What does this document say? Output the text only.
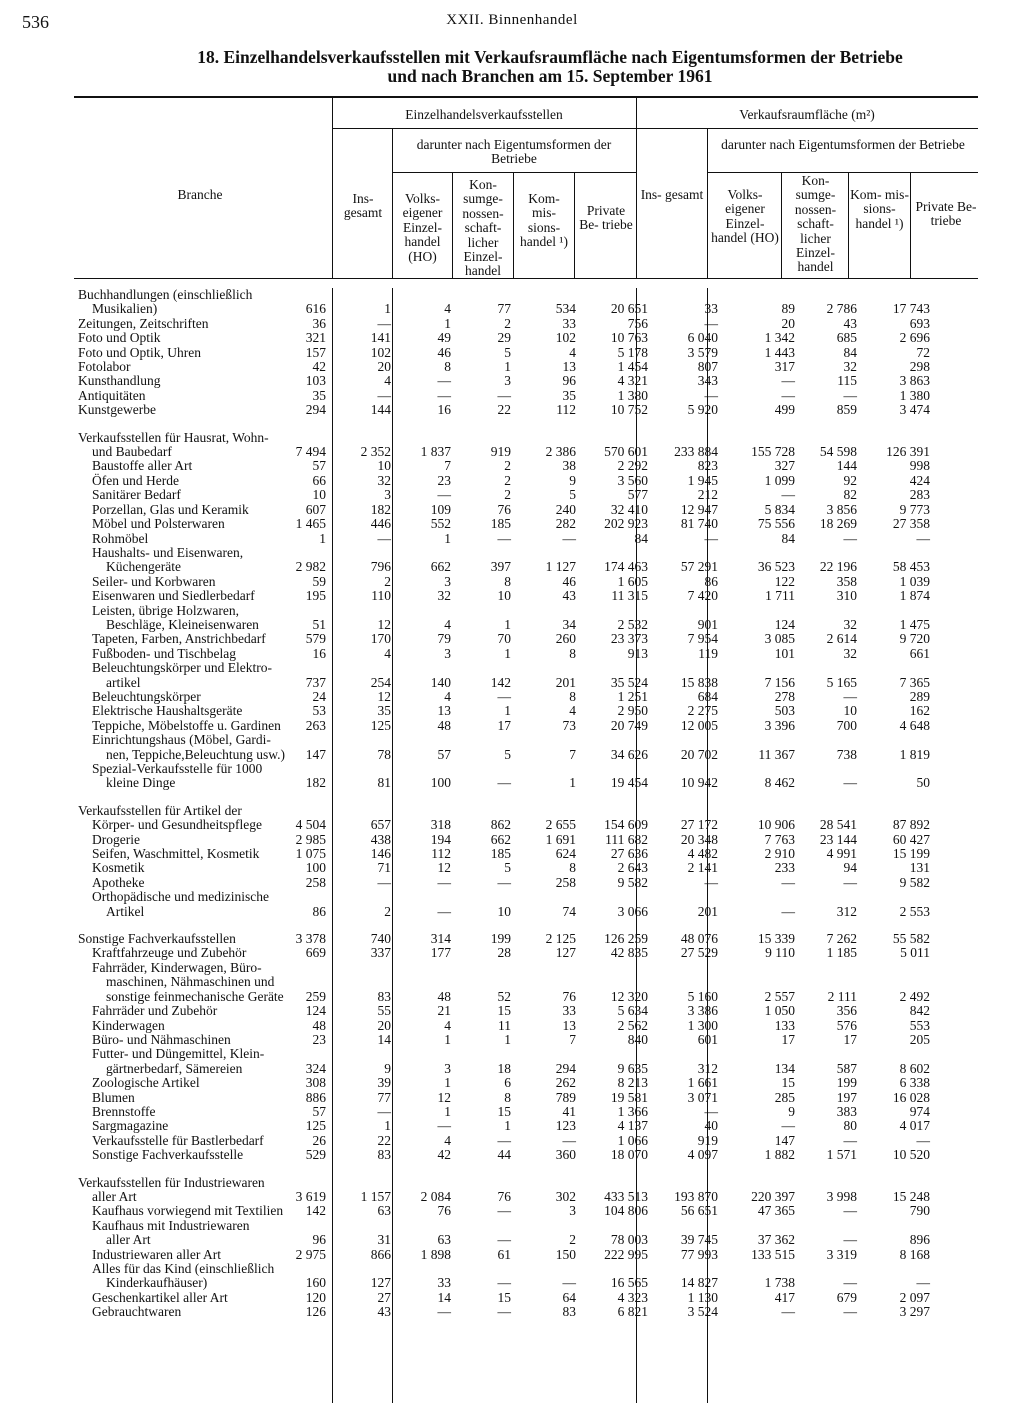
536	XXII. Binnenhandel
18. Einzelhandelsverkaufsstellen mit Verkaufsraumfläche nach Eigentumsformen der Betriebe
und nach Branchen am 15. September 1961
Branche
Einzelhandelsverkaufsstellen	Verkaufsraumfläche (m²)
darunter nach Eigentumsformen der Betriebe
darunter nach Eigentumsformen der Betriebe
Ins- gesamt
Volks- eigener Einzel- handel (HO)
Kon- sumge- nossen- schaft- licher Einzel- handel
Kom- mis- sions- handel ¹)
Private Be- triebe
Ins- gesamt	Volks- eigener Einzel- handel (HO)
Kon- sumge- nossen- schaft- licher Einzel- handel
Kom- mis- sions- handel ¹)
Private Be- triebe
Buchhandlungen (einschließlich
Musikalien)	616	1	4	77	534	20 651	33	89	2 786	17 743
Zeitungen, Zeitschriften	36	—	1	2	33	756	—	20	43	693
Foto und Optik	321	141	49	29	102	10 763	6 040	1 342	685	2 696
Foto und Optik, Uhren	157	102	46	5	4	5 178	3 579	1 443	84	72
Fotolabor	42	20	8	1	13	1 454	807	317	32	298
Kunsthandlung	103	4	—	3	96	4 321	343	—	115	3 863
Antiquitäten	35	—	—	—	35	1 380	—	—	—	1 380
Kunstgewerbe	294	144	16	22	112	10 752	5 920	499	859	3 474
Verkaufsstellen für Hausrat, Wohn-
und Baubedarf	7 494	2 352	1 837	919	2 386	570 601	233 884	155 728	54 598	126 391
Baustoffe aller Art	57	10	7	2	38	2 292	823	327	144	998
Öfen und Herde	66	32	23	2	9	3 560	1 945	1 099	92	424
Sanitärer Bedarf	10	3	—	2	5	577	212	—	82	283
Porzellan, Glas und Keramik	607	182	109	76	240	32 410	12 947	5 834	3 856	9 773
Möbel und Polsterwaren	1 465	446	552	185	282	202 923	81 740	75 556	18 269	27 358
Rohmöbel	1	—	1	—	—	84	—	84	—	—
Haushalts- und Eisenwaren,
Küchengeräte	2 982	796	662	397	1 127	174 463	57 291	36 523	22 196	58 453
Seiler- und Korbwaren	59	2	3	8	46	1 605	86	122	358	1 039
Eisenwaren und Siedlerbedarf	195	110	32	10	43	11 315	7 420	1 711	310	1 874
Leisten, übrige Holzwaren,
Beschläge, Kleineisenwaren	51	12	4	1	34	2 532	901	124	32	1 475
Tapeten, Farben, Anstrichbedarf	579	170	79	70	260	23 373	7 954	3 085	2 614	9 720
Fußboden- und Tischbelag	16	4	3	1	8	913	119	101	32	661
Beleuchtungskörper und Elektro-
artikel	737	254	140	142	201	35 524	15 838	7 156	5 165	7 365
Beleuchtungskörper	24	12	4	—	8	1 251	684	278	—	289
Elektrische Haushaltsgeräte	53	35	13	1	4	2 950	2 275	503	10	162
Teppiche, Möbelstoffe u. Gardinen	263	125	48	17	73	20 749	12 005	3 396	700	4 648
Einrichtungshaus (Möbel, Gardi-
nen, Teppiche,Beleuchtung usw.)	147	78	57	5	7	34 626	20 702	11 367	738	1 819
Spezial-Verkaufsstelle für 1000
kleine Dinge	182	81	100	—	1	19 454	10 942	8 462	—	50
Verkaufsstellen für Artikel der
Körper- und Gesundheitspflege	4 504	657	318	862	2 655	154 609	27 172	10 906	28 541	87 892
Drogerie	2 985	438	194	662	1 691	111 682	20 348	7 763	23 144	60 427
Seifen, Waschmittel, Kosmetik	1 075	146	112	185	624	27 636	4 482	2 910	4 991	15 199
Kosmetik	100	71	12	5	8	2 643	2 141	233	94	131
Apotheke	258	—	—	—	258	9 582	—	—	—	9 582
Orthopädische und medizinische
Artikel	86	2	—	10	74	3 066	201	—	312	2 553
Sonstige Fachverkaufsstellen	3 378	740	314	199	2 125	126 259	48 076	15 339	7 262	55 582
Kraftfahrzeuge und Zubehör	669	337	177	28	127	42 835	27 529	9 110	1 185	5 011
Fahrräder, Kinderwagen, Büro-
maschinen, Nähmaschinen und
sonstige feinmechanische Geräte	259	83	48	52	76	12 320	5 160	2 557	2 111	2 492
Fahrräder und Zubehör	124	55	21	15	33	5 634	3 386	1 050	356	842
Kinderwagen	48	20	4	11	13	2 562	1 300	133	576	553
Büro- und Nähmaschinen	23	14	1	1	7	840	601	17	17	205
Futter- und Düngemittel, Klein-
gärtnerbedarf, Sämereien	324	9	3	18	294	9 635	312	134	587	8 602
Zoologische Artikel	308	39	1	6	262	8 213	1 661	15	199	6 338
Blumen	886	77	12	8	789	19 581	3 071	285	197	16 028
Brennstoffe	57	—	1	15	41	1 366	—	9	383	974
Sargmagazine	125	1	—	1	123	4 137	40	—	80	4 017
Verkaufsstelle für Bastlerbedarf	26	22	4	—	—	1 066	919	147	—	—
Sonstige Fachverkaufsstelle	529	83	42	44	360	18 070	4 097	1 882	1 571	10 520
Verkaufsstellen für Industriewaren
aller Art	3 619	1 157	2 084	76	302	433 513	193 870	220 397	3 998	15 248
Kaufhaus vorwiegend mit Textilien	142	63	76	—	3	104 806	56 651	47 365	—	790
Kaufhaus mit Industriewaren
aller Art	96	31	63	—	2	78 003	39 745	37 362	—	896
Industriewaren aller Art	2 975	866	1 898	61	150	222 995	77 993	133 515	3 319	8 168
Alles für das Kind (einschließlich
Kinderkaufhäuser)	160	127	33	—	—	16 565	14 827	1 738	—	—
Geschenkartikel aller Art	120	27	14	15	64	4 323	1 130	417	679	2 097
Gebrauchtwaren	126	43	—	—	83	6 821	3 524	—	—	3 297
